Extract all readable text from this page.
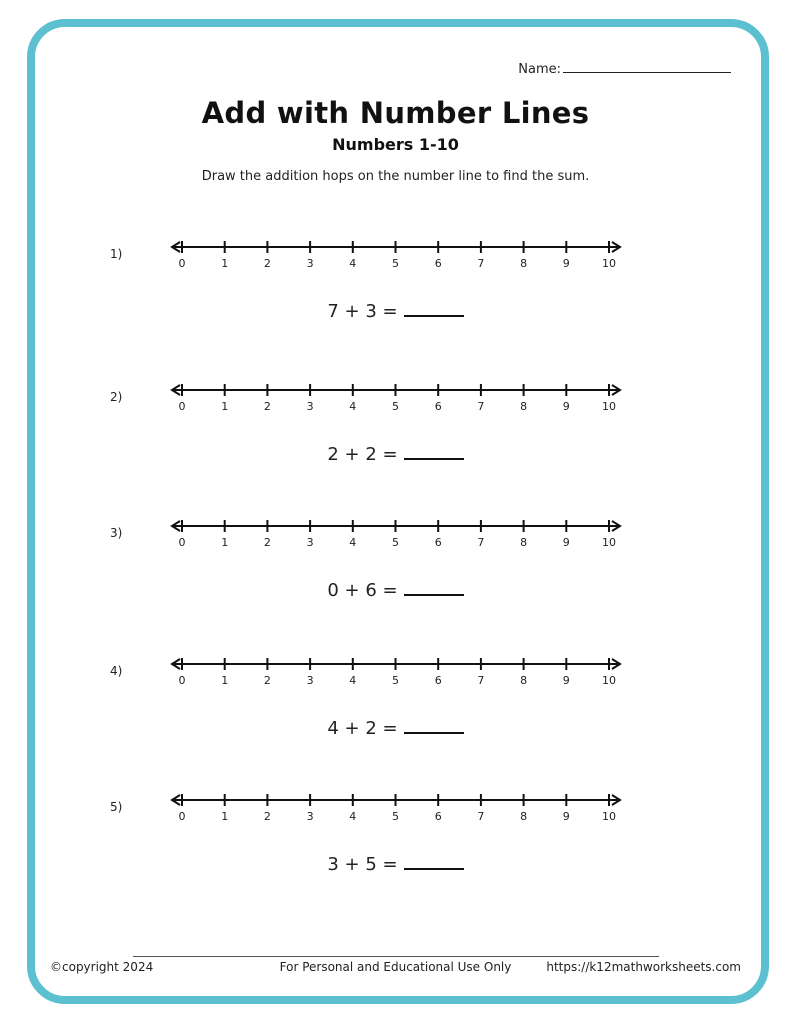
Name:
Add with Number Lines
Numbers 1-10
Draw the addition hops on the number line to find the sum.
1)
0	1	2	3	4	5	6	7	8	9	10
7 + 3 =
2)
0	1	2	3	4	5	6	7	8	9	10
2 + 2 =
3)
0	1	2	3	4	5	6	7	8	9	10
0 + 6 =
4)
0	1	2	3	4	5	6	7	8	9	10
4 + 2 =
5)
0	1	2	3	4	5	6	7	8	9	10
3 + 5 =
©copyright 2024	For Personal and Educational Use Only	https://k12mathworksheets.com
